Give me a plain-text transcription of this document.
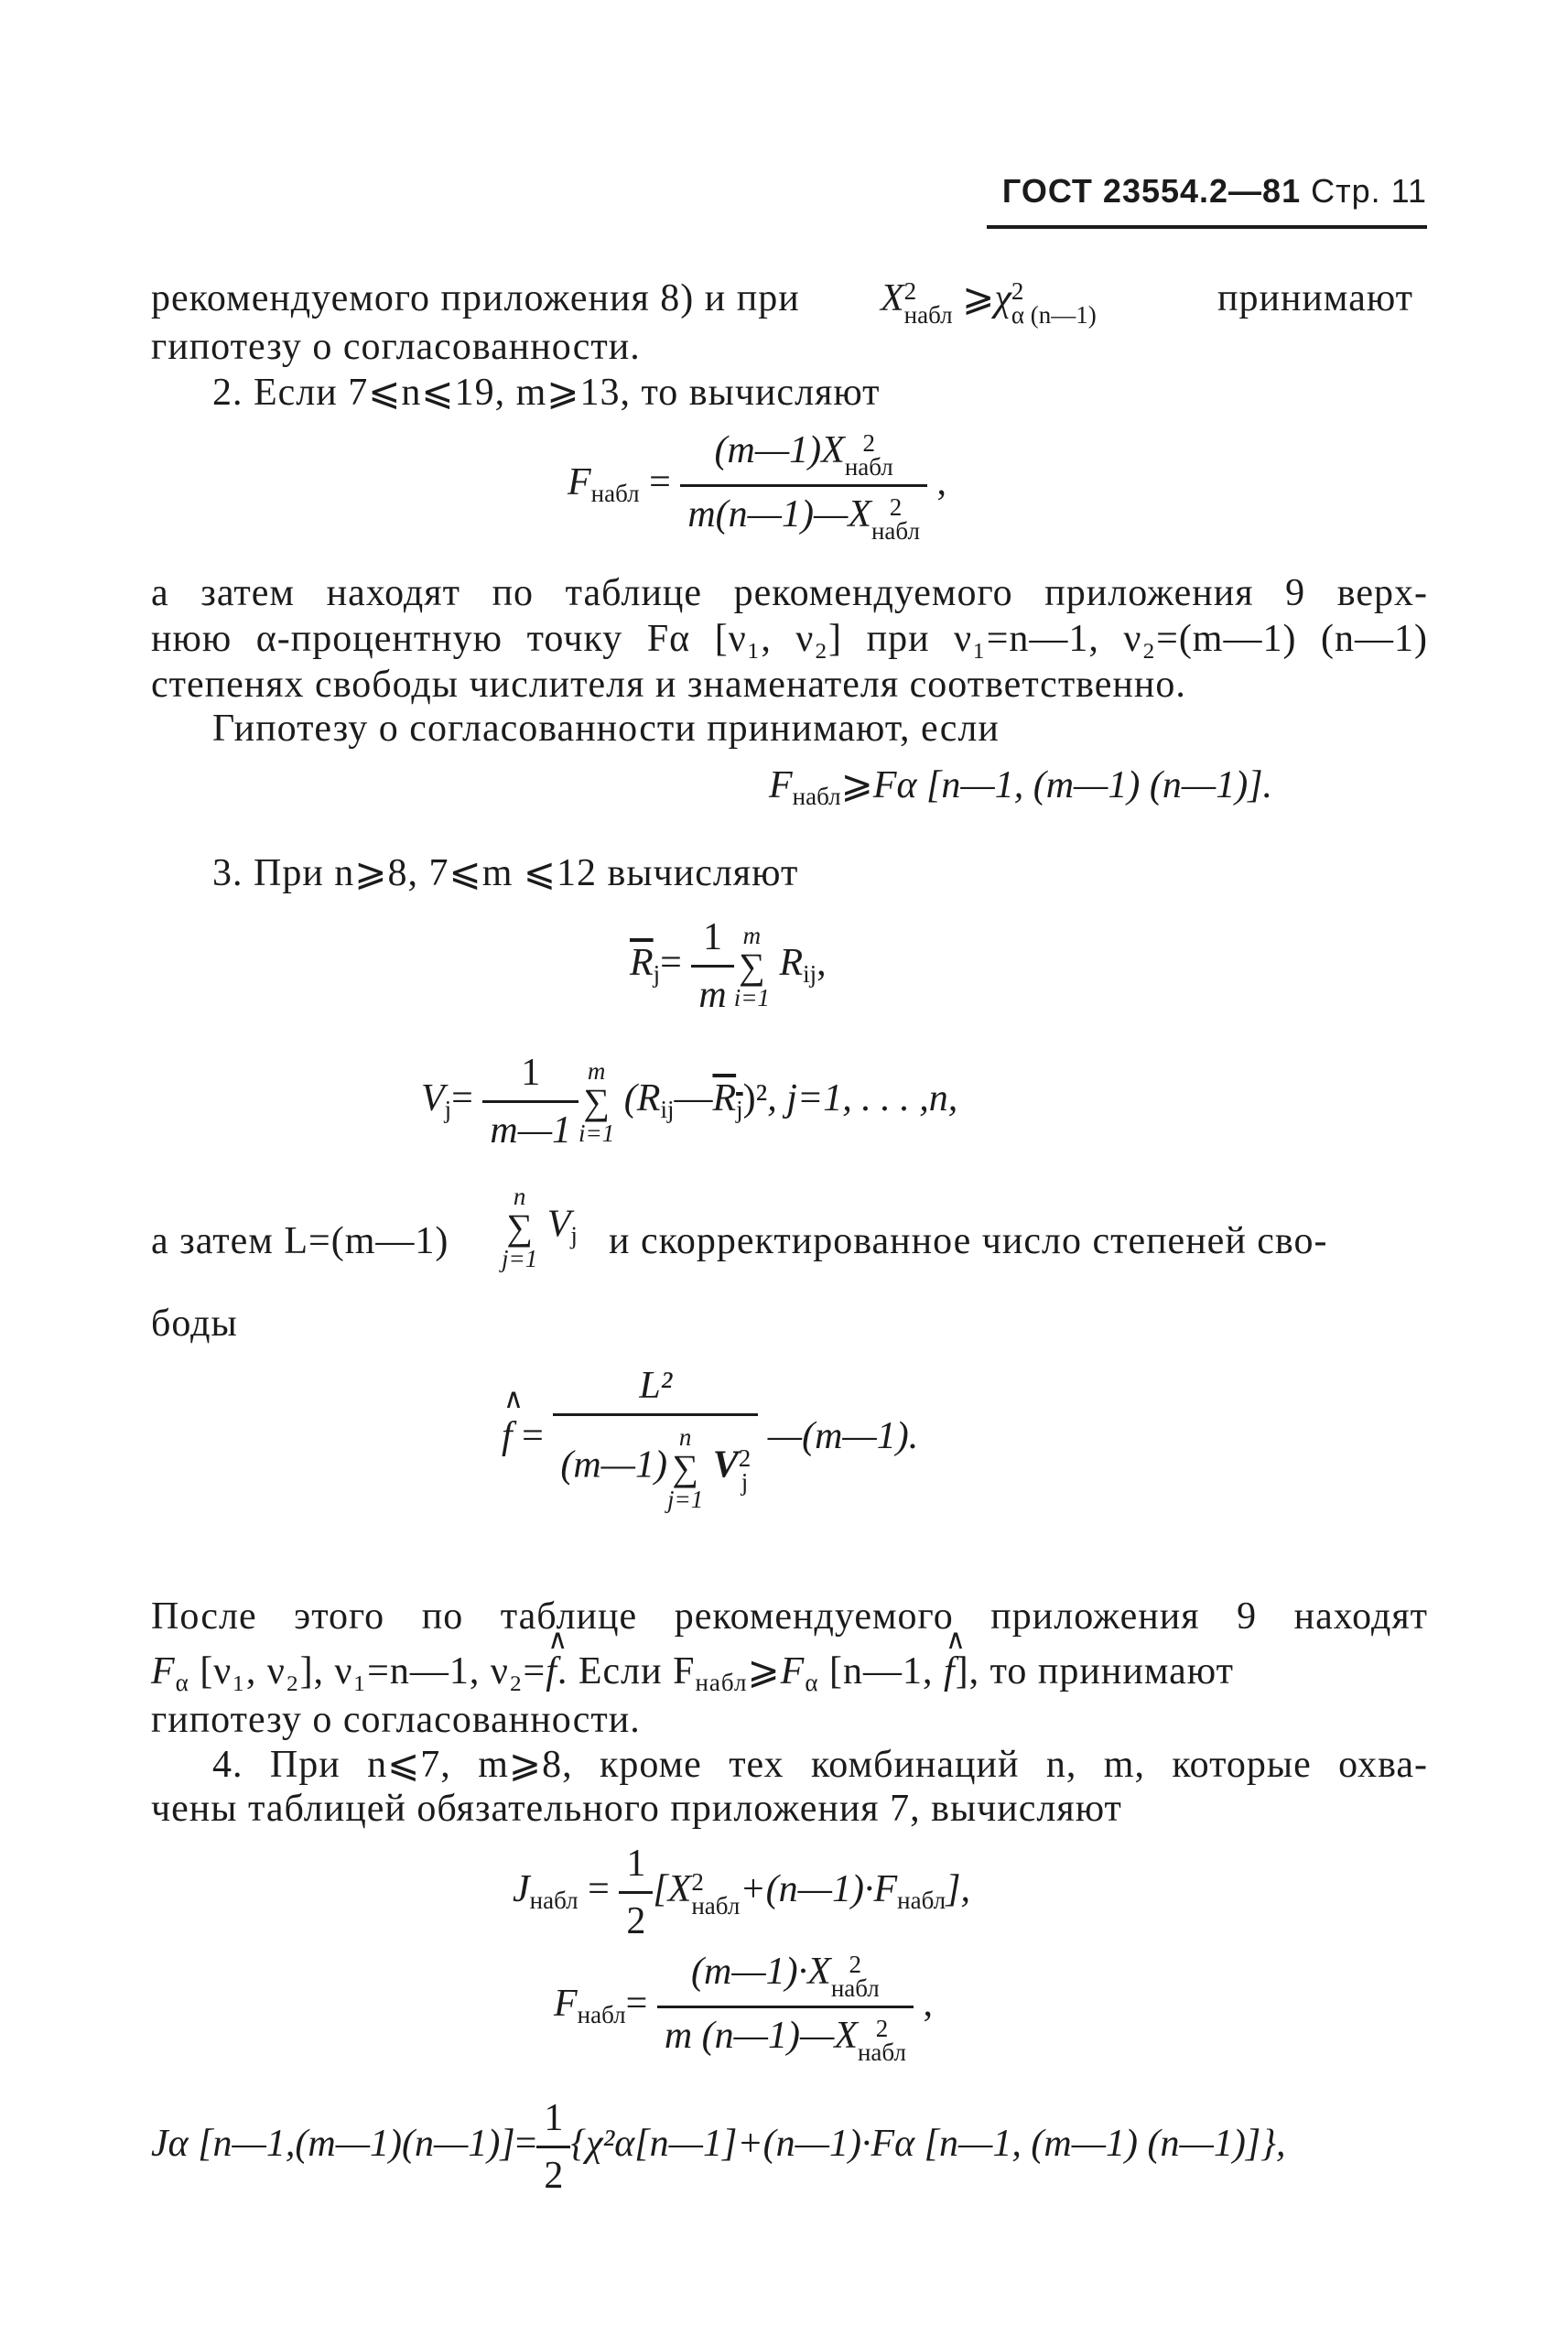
ГОСТ 23554.2—81 Стр. 11
рекомендуемого приложения 8) и при X2
набл ⩾χ2
α (n—1)	принимают
гипотезу о согласованности.
2. Если 7⩽n⩽19, m⩾13, то вычисляют
$F_{набл}$ =
(m—1)X 2
набл
m(n—1)—X 2
набл
,
а затем находят по таблице рекомендуемого приложения 9 верх-
нюю α-процентную точку Fα [ν₁, ν₂] при ν₁=n—1, ν₂=(m—1) (n—1)
степенях свободы числителя и знаменателя соответственно.
Гипотезу о согласованности принимают, если
$F_{набл}⩾F\alpha$ [n—1, (m—1) (n—1)].
3. При n⩾8, 7⩽m ⩽12 вычисляют
$\overline{R}_j= \frac{1}{m}$ m
∑
i=1
$R_{ij}$,
$V_j= \frac{1}{m—1}$ m
∑
i=1
$(R_{ij}—R_j)^2$, j=1, . . . ,n,
а затем L=(m—1)
n
∑
j=1
$V_j$ и скорректированное число степеней сво-
боды
∧ f =
L²
(m—1)
n
∑
j=1
V2
j
—(m—1).
После этого по таблице рекомендуемого приложения 9 находят
$F_\alpha$ [ν₁, ν₂], ν₁=n—1, ν₂=∧ f. Если $F_{набл}⩾F_\alpha$ [n—1, ∧ f], то принимают
гипотезу о согласованности.
4. При n⩽7, m⩾8, кроме тех комбинаций n, m, которые охва-
чены таблицей обязательного приложения 7, вычисляют
$J_{набл} = \frac{1}{2} [X2$
$набл+(n—1)\cdot F_{набл}$],
$F_{набл}=$
(m—1)·X 2
набл
m (n—1)—X 2
набл
,
Jα [n—1,(m—1)(n—1)]= $\frac{1}{2}$ {χ²α[n—1]+(n—1)·Fα [n—1, (m—1) (n—1)]},
